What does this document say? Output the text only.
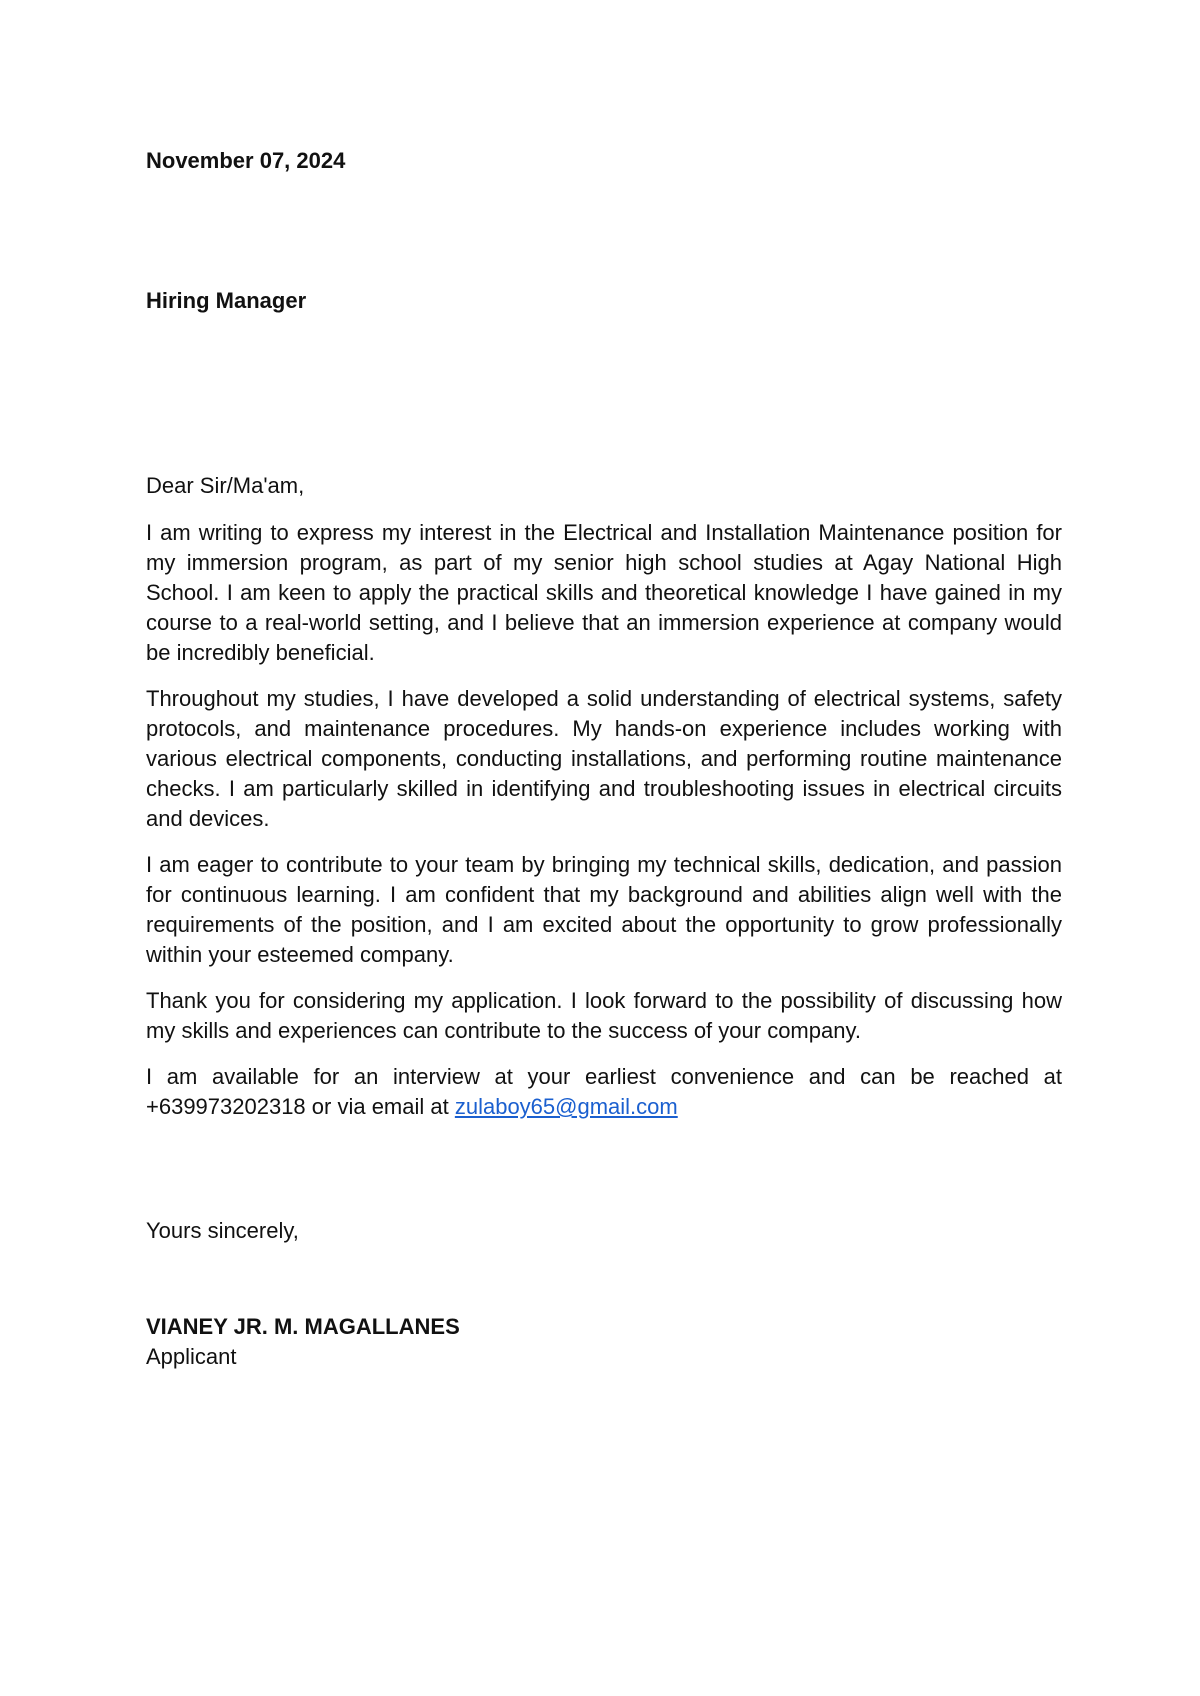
November 07, 2024
Hiring Manager
Dear Sir/Ma'am,

I am writing to express my interest in the Electrical and Installation Maintenance position for my immersion program, as part of my senior high school studies at Agay National High School. I am keen to apply the practical skills and theoretical knowledge I have gained in my course to a real-world setting, and I believe that an immersion experience at company would be incredibly beneficial.

Throughout my studies, I have developed a solid understanding of electrical systems, safety protocols, and maintenance procedures. My hands-on experience includes working with various electrical components, conducting installations, and performing routine maintenance checks. I am particularly skilled in identifying and troubleshooting issues in electrical circuits and devices.

I am eager to contribute to your team by bringing my technical skills, dedication, and passion for continuous learning. I am confident that my background and abilities align well with the requirements of the position, and I am excited about the opportunity to grow professionally within your esteemed company.

Thank you for considering my application. I look forward to the possibility of discussing how my skills and experiences can contribute to the success of your company.

I am available for an interview at your earliest convenience and can be reached at +639973202318 or via email at zulaboy65@gmail.com

Yours sincerely,
VIANEY JR. M. MAGALLANES
Applicant
